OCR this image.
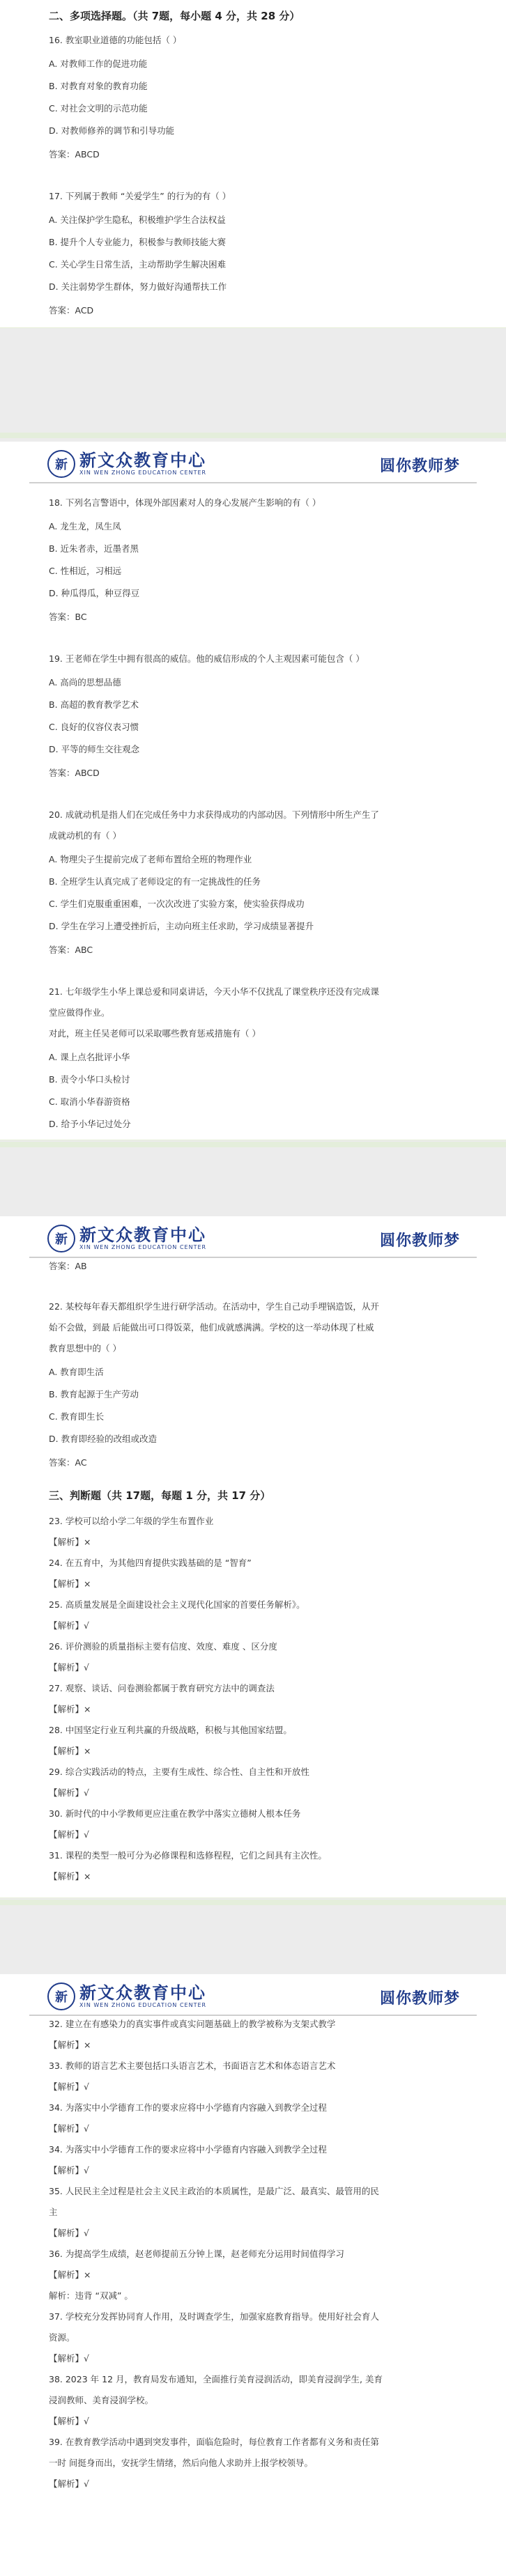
二、多项选择题。（共 7题，每小题 4 分，共 28 分）
16. 教室职业道德的功能包括（ ）
A. 对教师工作的促进功能
B. 对教育对象的教育功能
C. 对社会文明的示范功能
D. 对教师修养的调节和引导功能
答案：ABCD
17. 下列属于教师 “关爱学生” 的行为的有（ ）
A. 关注保护学生隐私，积极维护学生合法权益
B. 提升个人专业能力，积极参与教师技能大赛
C. 关心学生日常生活，主动帮助学生解决困难
D. 关注弱势学生群体，努力做好沟通帮扶工作
答案：ACD
新 新文众教育中心
XIN WEN ZHONG EDUCATION CENTER	圆你教师梦
18. 下列名言警语中，体现外部因素对人的身心发展产生影响的有（ ）
A. 龙生龙，凤生凤
B. 近朱者赤，近墨者黑
C. 性相近，习相远
D. 种瓜得瓜，种豆得豆
答案：BC
19. 王老师在学生中拥有很高的威信。他的威信形成的个人主观因素可能包含（ ）
A. 高尚的思想品德
B. 高超的教育教学艺术
C. 良好的仪容仪表习惯
D. 平等的师生交往观念
答案：ABCD
20. 成就动机是指人们在完成任务中力求获得成功的内部动因。下列情形中所生产生了
成就动机的有（ ）
A. 物理尖子生提前完成了老师布置给全班的物理作业
B. 全班学生认真完成了老师设定的有一定挑战性的任务
C. 学生们克服重重困难，一次次改进了实验方案，使实验获得成功
D. 学生在学习上遭受挫折后，主动向班主任求助，学习成绩显著提升
答案：ABC
21. 七年级学生小华上课总爱和同桌讲话，今天小华不仅扰乱了课堂秩序还没有完成课
堂应做得作业。
对此，班主任吴老师可以采取哪些教育惩戒措施有（ ）
A. 课上点名批评小华
B. 责令小华口头检讨
C. 取消小华春游资格
D. 给予小华记过处分
新 新文众教育中心
XIN WEN ZHONG EDUCATION CENTER	圆你教师梦
答案：AB
22. 某校每年春天都组织学生进行研学活动。在活动中，学生自己动手埋锅造饭，从开
始不会做，到最 后能做出可口得饭菜，他们成就感满满。学校的这一举动体现了杜威
教育思想中的（ ）
A. 教育即生活
B. 教育起源于生产劳动
C. 教育即生长
D. 教育即经验的改组或改造
答案：AC
三、判断题（共 17题，每题 1 分，共 17 分）
23. 学校可以给小学二年级的学生布置作业
【解析】×
24. 在五育中，为其他四育提供实践基础的是 “智育”
【解析】×
25. 高质量发展是全面建设社会主义现代化国家的首要任务解析》。
【解析】√
26. 评价测验的质量指标主要有信度、效度、难度 、区分度
【解析】√
27. 观察、谈话、问卷测验都属于教育研究方法中的调查法
【解析】×
28. 中国坚定行业互利共赢的升级战略，积极与其他国家结盟。
【解析】×
29. 综合实践活动的特点，主要有生成性、综合性、自主性和开放性
【解析】√
30. 新时代的中小学教师更应注重在教学中落实立德树人根本任务
【解析】√
31. 课程的类型一般可分为必修课程和选修程程，它们之间具有主次性。
【解析】×
新 新文众教育中心
XIN WEN ZHONG EDUCATION CENTER	圆你教师梦
32. 建立在有感染力的真实事件或真实问题基础上的教学被称为支架式教学
【解析】×
33. 教师的语言艺术主要包括口头语言艺术，书面语言艺术和体态语言艺术
【解析】√
34. 为落实中小学德育工作的要求应将中小学德育内容融入到教学全过程
【解析】√
34. 为落实中小学德育工作的要求应将中小学德育内容融入到教学全过程
【解析】√
35. 人民民主全过程是社会主义民主政治的本质属性，是最广泛、最真实、最管用的民
主
【解析】√
36. 为提高学生成绩，赵老师提前五分钟上课，赵老师充分运用时间值得学习
【解析】×
解析：违背 “双减” 。
37. 学校充分发挥协同育人作用，及时调查学生，加强家庭教育指导。使用好社会育人
资源。
【解析】√
38. 2023 年 12 月，教育局发布通知，全面推行美育浸润活动，即美育浸润学生, 美育
浸润教师、美育浸润学校。
【解析】√
39. 在教育教学活动中遇到突发事件，面临危险时，每位教育工作者都有义务和责任第
一时 间挺身而出，安抚学生情绪，然后向他人求助并上报学校领导。
【解析】√
